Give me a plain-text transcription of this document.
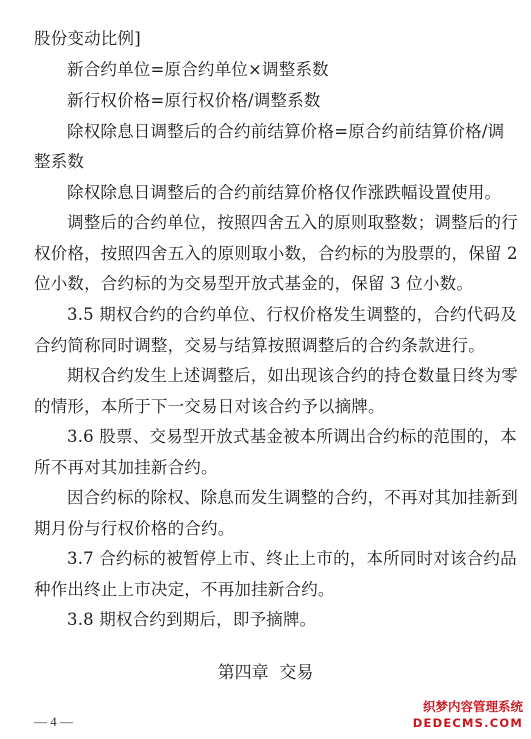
股份变动比例]
新合约单位=原合约单位×调整系数
新行权价格=原行权价格/调整系数
除权除息日调整后的合约前结算价格=原合约前结算价格/调
整系数
除权除息日调整后的合约前结算价格仅作涨跌幅设置使用。
调整后的合约单位，按照四舍五入的原则取整数；调整后的行
权价格，按照四舍五入的原则取小数，合约标的为股票的，保留 2
位小数，合约标的为交易型开放式基金的，保留 3 位小数。
3.5 期权合约的合约单位、行权价格发生调整的，合约代码及
合约简称同时调整，交易与结算按照调整后的合约条款进行。
期权合约发生上述调整后，如出现该合约的持仓数量日终为零
的情形，本所于下一交易日对该合约予以摘牌。
3.6 股票、交易型开放式基金被本所调出合约标的范围的，本
所不再对其加挂新合约。
因合约标的除权、除息而发生调整的合约，不再对其加挂新到
期月份与行权价格的合约。
3.7 合约标的被暂停上市、终止上市的，本所同时对该合约品
种作出终止上市决定，不再加挂新合约。
3.8 期权合约到期后，即予摘牌。
第四章  交易
— 4 —
织梦内容管理系统
DEDECMS.COM
